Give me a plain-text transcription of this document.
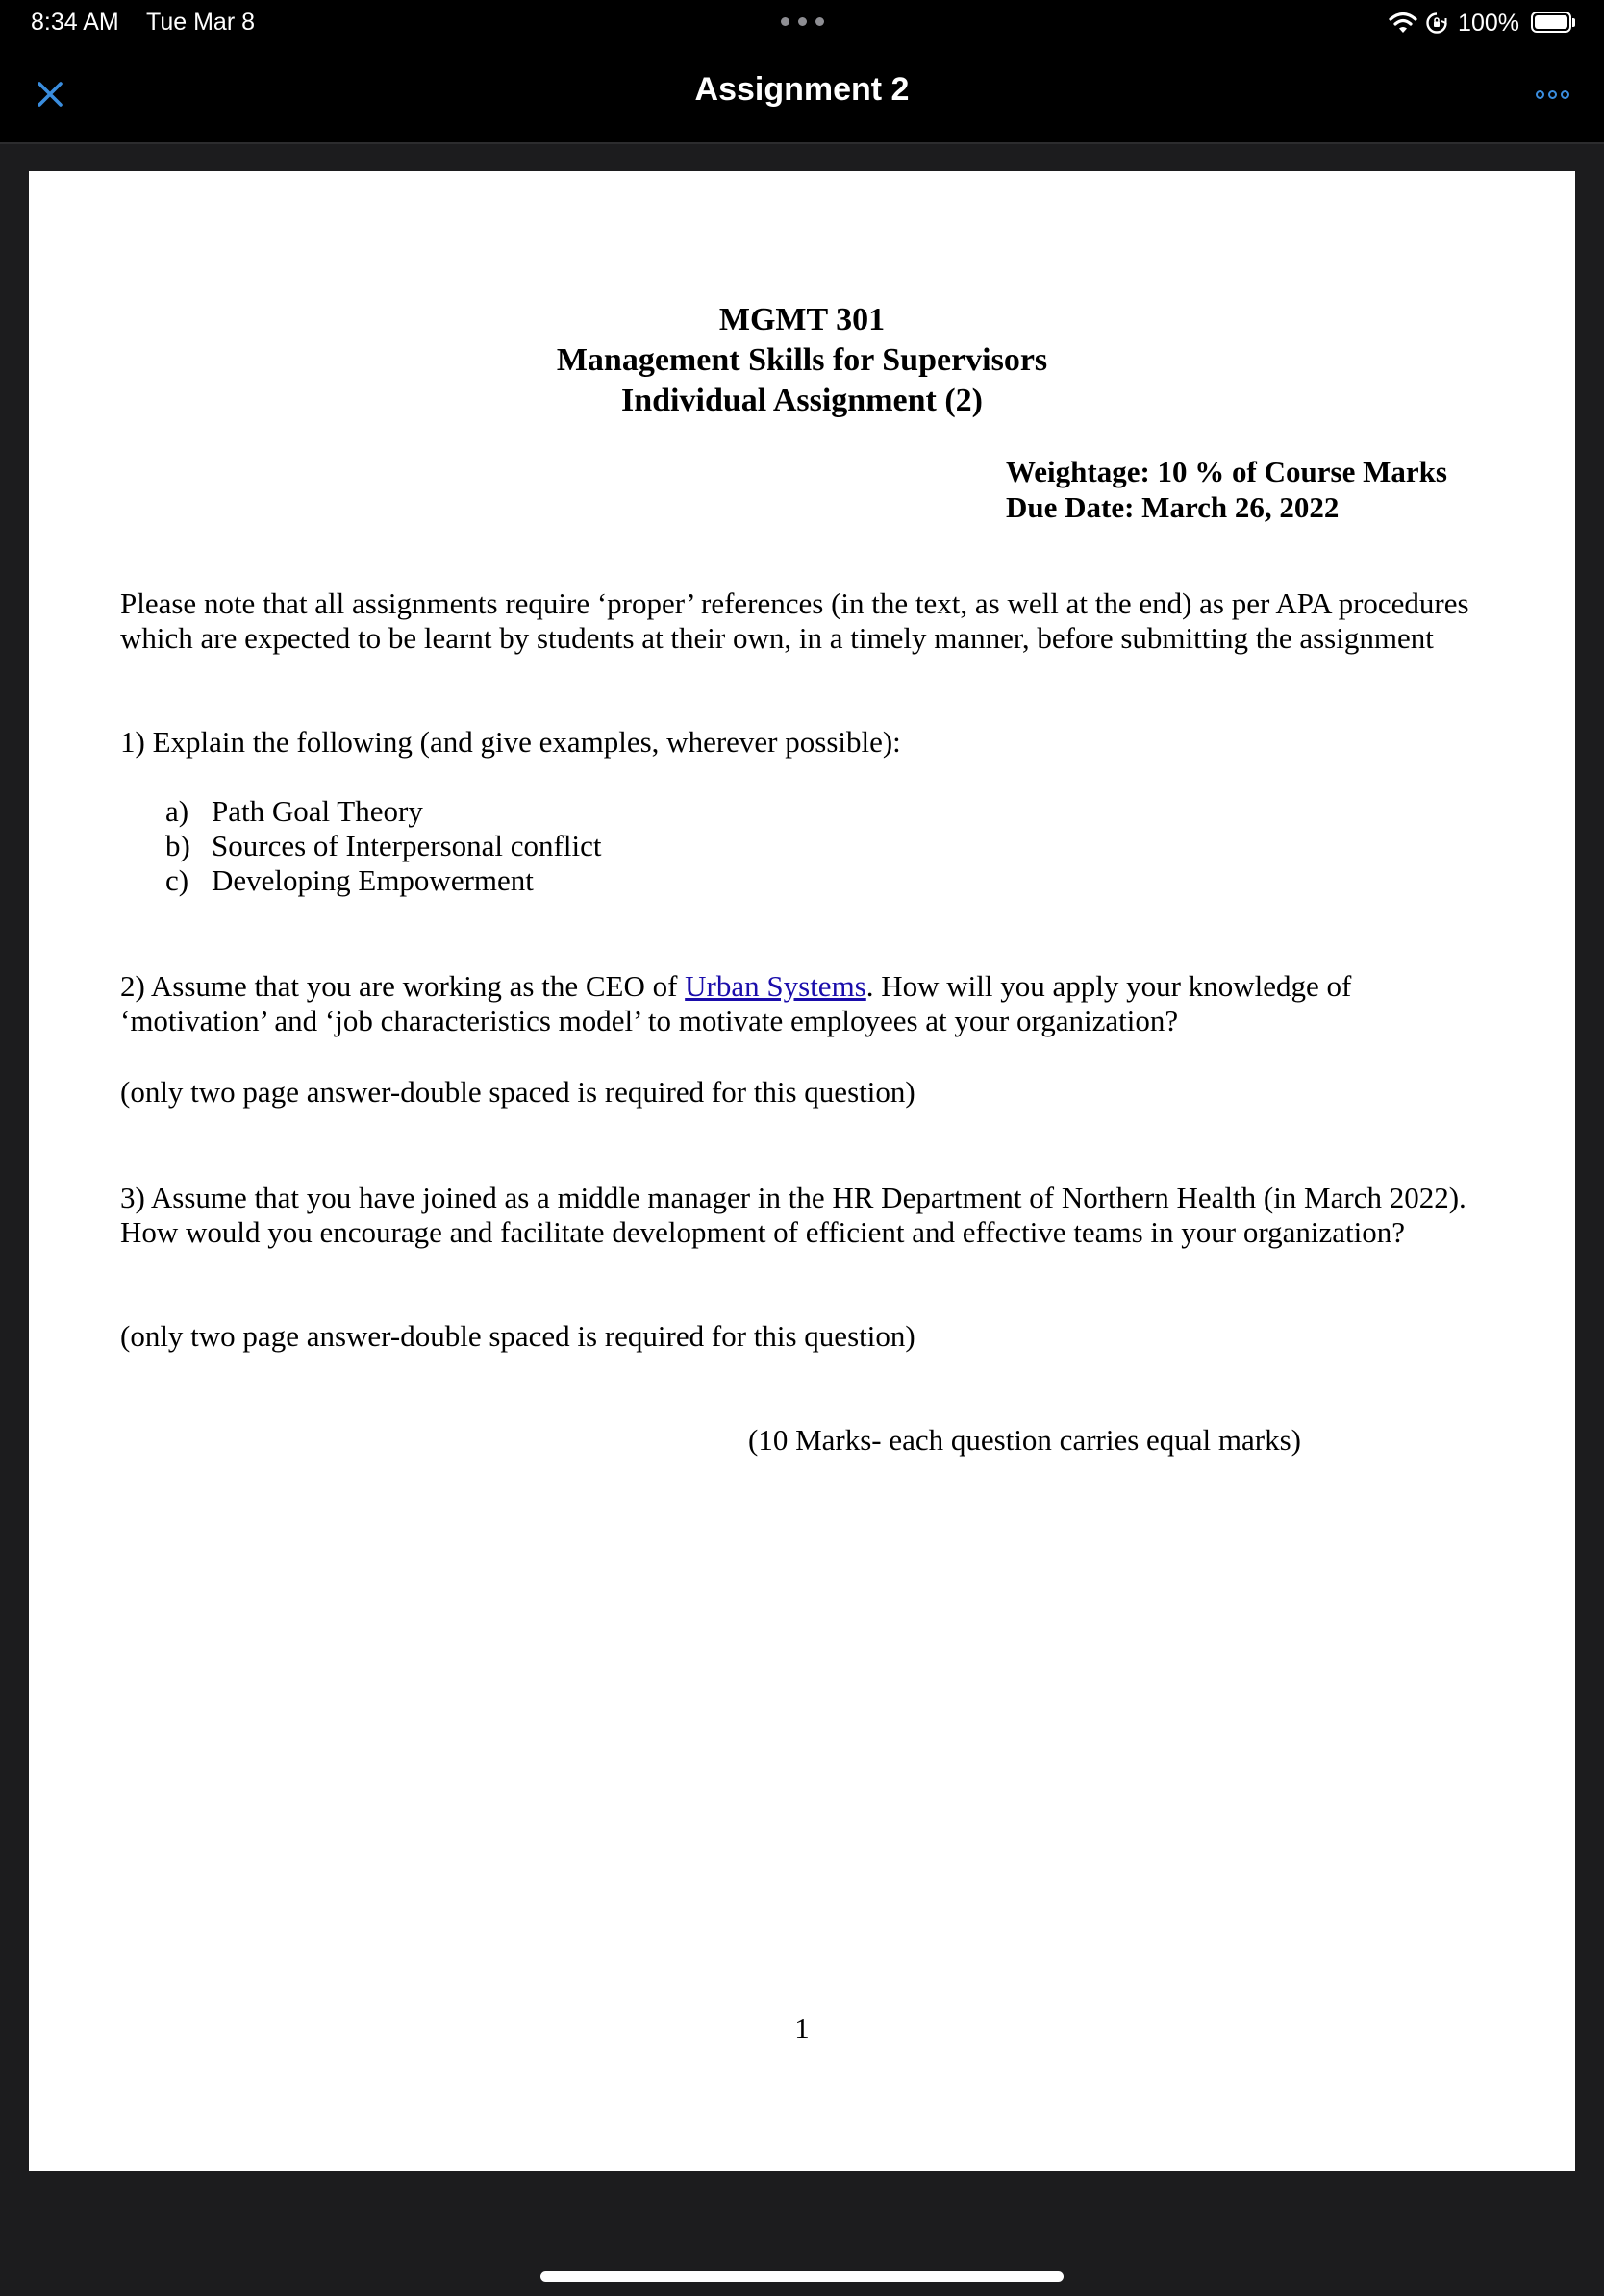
8:34 AM Tue Mar 8	100%
Assignment 2
MGMT 301
Management Skills for Supervisors
Individual Assignment (2)
Weightage: 10 % of Course Marks
Due Date: March 26, 2022
Please note that all assignments require ‘proper’ references (in the text, as well at the end) as per APA procedures which are expected to be learnt by students at their own, in a timely manner, before submitting the assignment
1) Explain the following (and give examples, wherever possible):
a) Path Goal Theory
b) Sources of Interpersonal conflict
c) Developing Empowerment
2) Assume that you are working as the CEO of Urban Systems. How will you apply your knowledge of ‘motivation’ and ‘job characteristics model’ to motivate employees at your organization?
(only two page answer-double spaced is required for this question)
3) Assume that you have joined as a middle manager in the HR Department of Northern Health (in March 2022). How would you encourage and facilitate development of efficient and effective teams in your organization?
(only two page answer-double spaced is required for this question)
(10 Marks- each question carries equal marks)
1
